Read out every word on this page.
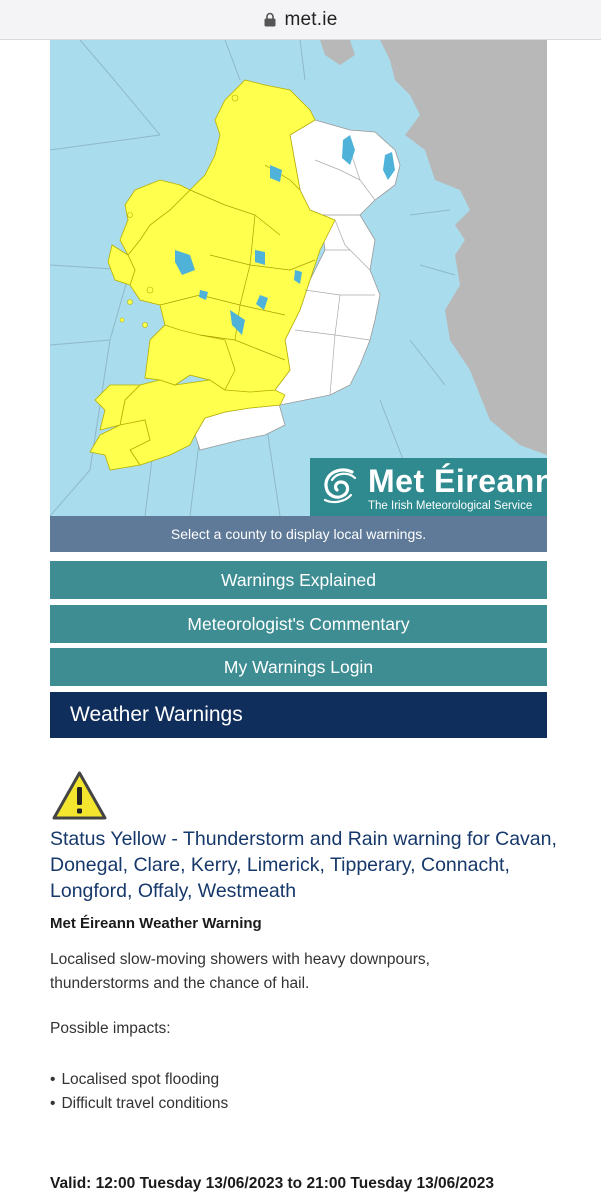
met.ie
Met Éireann
The Irish Meteorological Service
Select a county to display local warnings.
Warnings Explained
Meteorologist's Commentary
My Warnings Login
Weather Warnings
Status Yellow - Thunderstorm and Rain warning for Cavan, Donegal, Clare, Kerry, Limerick, Tipperary, Connacht, Longford, Offaly, Westmeath
Met Éireann Weather Warning
Localised slow-moving showers with heavy downpours, thunderstorms and the chance of hail.
Possible impacts:
• Localised spot flooding
• Difficult travel conditions
Valid: 12:00 Tuesday 13/06/2023 to 21:00 Tuesday 13/06/2023
